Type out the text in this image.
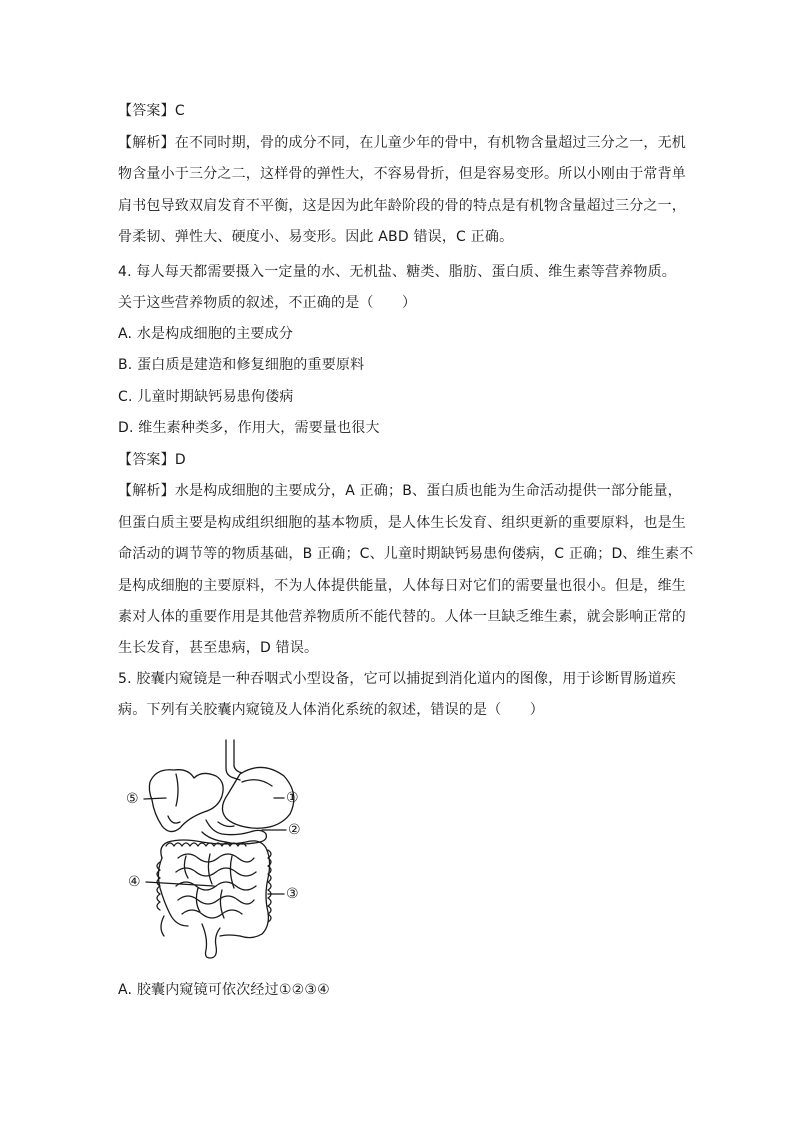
【答案】C
【解析】在不同时期，骨的成分不同，在儿童少年的骨中，有机物含量超过三分之一，无机
物含量小于三分之二，这样骨的弹性大，不容易骨折，但是容易变形。所以小刚由于常背单
肩书包导致双肩发育不平衡，这是因为此年龄阶段的骨的特点是有机物含量超过三分之一，
骨柔韧、弹性大、硬度小、易变形。因此 ABD 错误，C 正确。
4. 每人每天都需要摄入一定量的水、无机盐、糖类、脂肪、蛋白质、维生素等营养物质。
关于这些营养物质的叙述，不正确的是（　　）
A. 水是构成细胞的主要成分
B. 蛋白质是建造和修复细胞的重要原料
C. 儿童时期缺钙易患佝偻病
D. 维生素种类多，作用大，需要量也很大
【答案】D
【解析】水是构成细胞的主要成分，A 正确；B、蛋白质也能为生命活动提供一部分能量，
但蛋白质主要是构成组织细胞的基本物质，是人体生长发育、组织更新的重要原料，也是生
命活动的调节等的物质基础，B 正确；C、儿童时期缺钙易患佝偻病，C 正确；D、维生素不
是构成细胞的主要原料，不为人体提供能量，人体每日对它们的需要量也很小。但是，维生
素对人体的重要作用是其他营养物质所不能代替的。人体一旦缺乏维生素，就会影响正常的
生长发育，甚至患病，D 错误。
5. 胶囊内窥镜是一种吞咽式小型设备，它可以捕捉到消化道内的图像，用于诊断胃肠道疾
病。下列有关胶囊内窥镜及人体消化系统的叙述，错误的是（　　）
①
②
③
④
⑤
A. 胶囊内窥镜可依次经过①②③④
